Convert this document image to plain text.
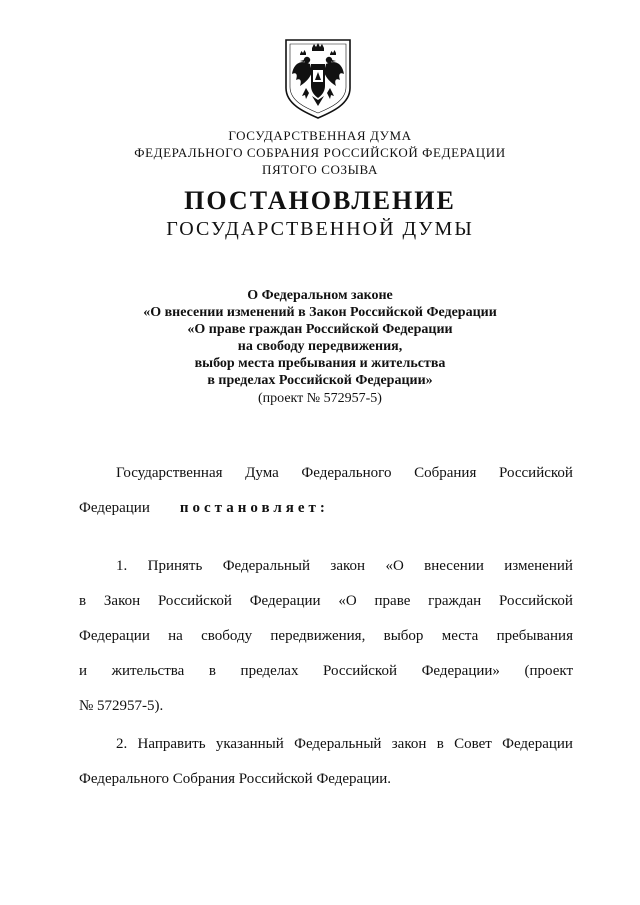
ГОСУДАРСТВЕННАЯ ДУМА
ФЕДЕРАЛЬНОГО СОБРАНИЯ РОССИЙСКОЙ ФЕДЕРАЦИИ
ПЯТОГО СОЗЫВА
ПОСТАНОВЛЕНИЕ
ГОСУДАРСТВЕННОЙ ДУМЫ
О Федеральном законе
«О внесении изменений в Закон Российской Федерации
«О праве граждан Российской Федерации
на свободу передвижения,
выбор места пребывания и жительства
в пределах Российской Федерации»
(проект № 572957-5)
Государственная Дума Федерального Собрания Российской
Федерации постановляет:
1. Принять Федеральный закон «О внесении изменений
в Закон Российской Федерации «О праве граждан Российской
Федерации на свободу передвижения, выбор места пребывания
и жительства в пределах Российской Федерации» (проект
№ 572957-5).
2. Направить указанный Федеральный закон в Совет Федерации
Федерального Собрания Российской Федерации.
